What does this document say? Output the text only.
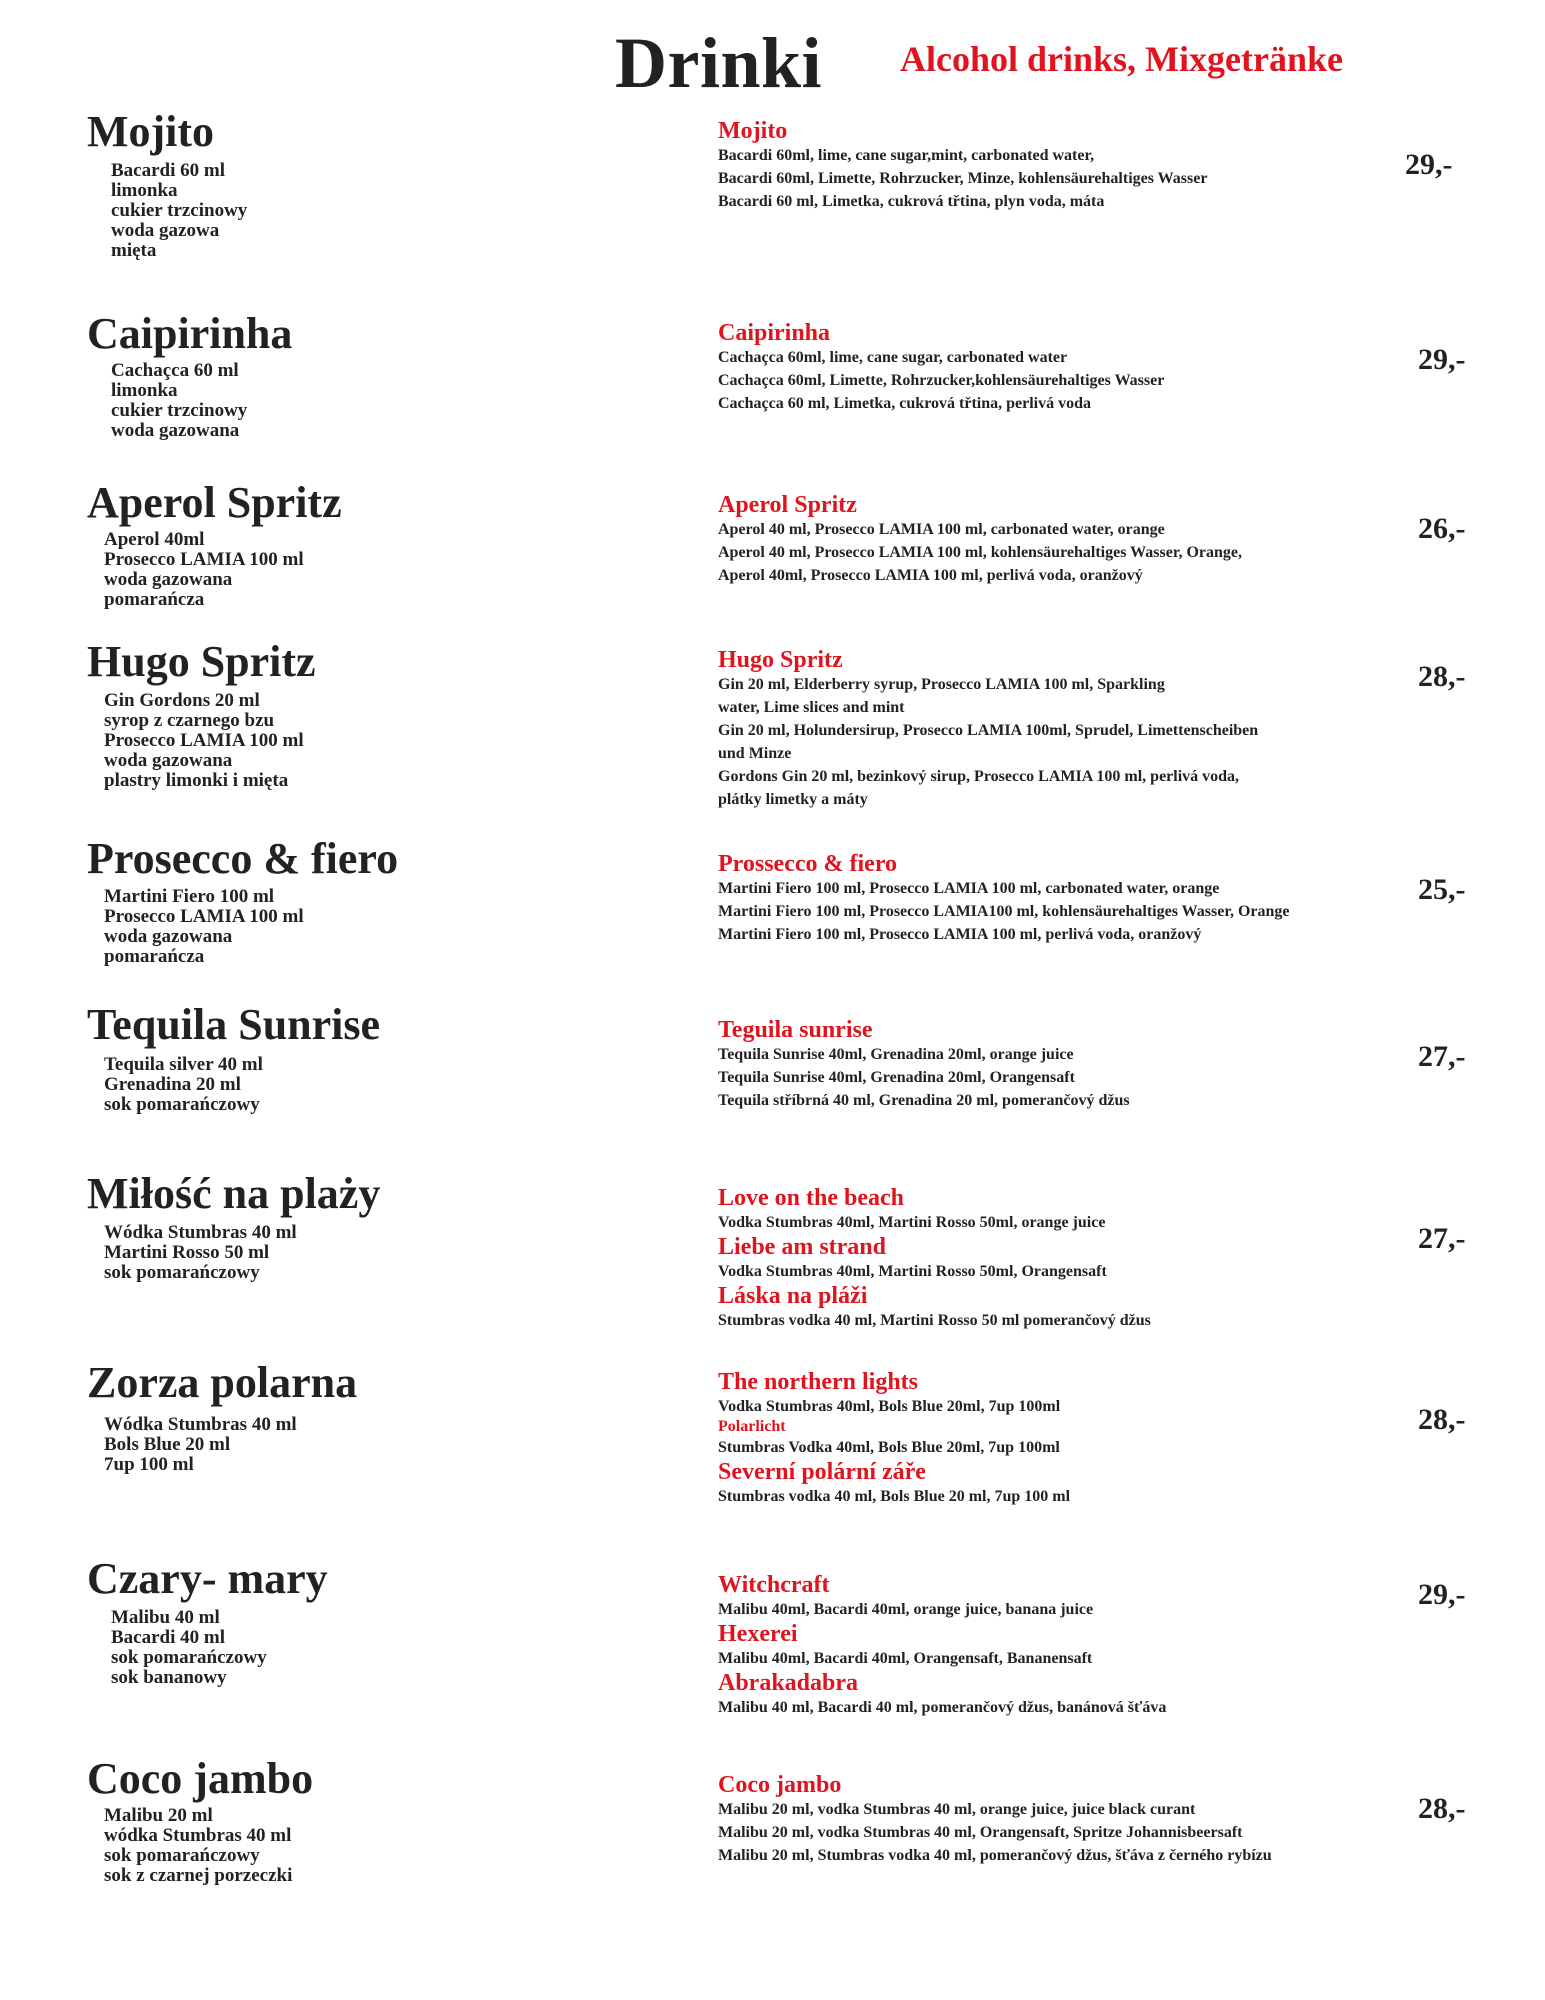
Drinki Alcohol drinks, Mixgetränke
Mojito
Bacardi 60 ml
limonka
cukier trzcinowy
woda gazowa
mięta
Mojito
Bacardi 60ml, lime, cane sugar,mint, carbonated water,
Bacardi 60ml, Limette, Rohrzucker, Minze, kohlensäurehaltiges Wasser
Bacardi 60 ml, Limetka, cukrová třtina, plyn voda, máta
29,-
Caipirinha
Cachaçca 60 ml
limonka
cukier trzcinowy
woda gazowana
Caipirinha
Cachaçca 60ml, lime, cane sugar, carbonated water
Cachaçca 60ml, Limette, Rohrzucker,kohlensäurehaltiges Wasser
Cachaçca 60 ml, Limetka, cukrová třtina, perlivá voda
29,-
Aperol Spritz
Aperol 40ml
Prosecco LAMIA 100 ml
woda gazowana
pomarańcza
Aperol Spritz
Aperol 40 ml, Prosecco LAMIA 100 ml, carbonated water, orange
Aperol 40 ml, Prosecco LAMIA 100 ml, kohlensäurehaltiges Wasser, Orange,
Aperol 40ml, Prosecco LAMIA 100 ml, perlivá voda, oranžový
26,-
Hugo Spritz
Gin Gordons 20 ml
syrop z czarnego bzu
Prosecco LAMIA 100 ml
woda gazowana
plastry limonki i mięta
Hugo Spritz
Gin 20 ml, Elderberry syrup, Prosecco LAMIA 100 ml, Sparkling
water, Lime slices and mint
Gin 20 ml, Holundersirup, Prosecco LAMIA 100ml, Sprudel, Limettenscheiben
und Minze
Gordons Gin 20 ml, bezinkový sirup, Prosecco LAMIA 100 ml, perlivá voda,
plátky limetky a máty
28,-
Prosecco & fiero
Martini Fiero 100 ml
Prosecco LAMIA 100 ml
woda gazowana
pomarańcza
Prossecco & fiero
Martini Fiero 100 ml, Prosecco LAMIA 100 ml, carbonated water, orange
Martini Fiero 100 ml, Prosecco LAMIA100 ml, kohlensäurehaltiges Wasser, Orange
Martini Fiero 100 ml, Prosecco LAMIA 100 ml, perlivá voda, oranžový
25,-
Tequila Sunrise
Tequila silver 40 ml
Grenadina 20 ml
sok pomarańczowy
Teguila sunrise
Tequila Sunrise 40ml, Grenadina 20ml, orange juice
Tequila Sunrise 40ml, Grenadina 20ml, Orangensaft
Tequila stříbrná 40 ml, Grenadina 20 ml, pomerančový džus
27,-
Miłość na plaży
Wódka Stumbras 40 ml
Martini Rosso 50 ml
sok pomarańczowy
Love on the beach
Vodka Stumbras 40ml, Martini Rosso 50ml, orange juice
Liebe am strand
Vodka Stumbras 40ml, Martini Rosso 50ml, Orangensaft
Láska na pláži
Stumbras vodka 40 ml, Martini Rosso 50 ml pomerančový džus
27,-
Zorza polarna
Wódka Stumbras 40 ml
Bols Blue 20 ml
7up 100 ml
The northern lights
Vodka Stumbras 40ml, Bols Blue 20ml, 7up 100ml
Polarlicht
Stumbras Vodka 40ml, Bols Blue 20ml, 7up 100ml
Severní polární záře
Stumbras vodka 40 ml, Bols Blue 20 ml, 7up 100 ml
28,-
Czary- mary
Malibu 40 ml
Bacardi 40 ml
sok pomarańczowy
sok bananowy
Witchcraft
Malibu 40ml, Bacardi 40ml, orange juice, banana juice
Hexerei
Malibu 40ml, Bacardi 40ml, Orangensaft, Bananensaft
Abrakadabra
Malibu 40 ml, Bacardi 40 ml, pomerančový džus, banánová šťáva
29,-
Coco jambo
Malibu 20 ml
wódka Stumbras 40 ml
sok pomarańczowy
sok z czarnej porzeczki
Coco jambo
Malibu 20 ml, vodka Stumbras 40 ml, orange juice, juice black curant
Malibu 20 ml, vodka Stumbras 40 ml, Orangensaft, Spritze Johannisbeersaft
Malibu 20 ml, Stumbras vodka 40 ml, pomerančový džus, šťáva z černého rybízu
28,-
